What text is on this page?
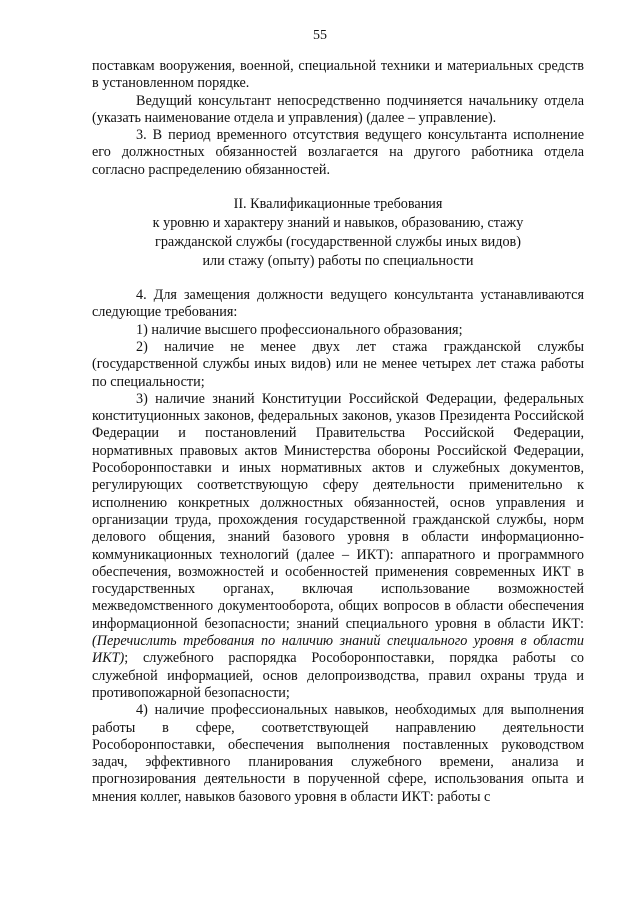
55

поставкам вооружения, военной, специальной техники и материальных средств в установленном порядке.

Ведущий консультант непосредственно подчиняется начальнику отдела (указать наименование отдела и управления) (далее – управление).

3. В период временного отсутствия ведущего консультанта исполнение его должностных обязанностей возлагается на другого работника отдела согласно распределению обязанностей.

II. Квалификационные требования

к уровню и характеру знаний и навыков, образованию, стажу

гражданской службы (государственной службы иных видов)

или стажу (опыту) работы по специальности

4. Для замещения должности ведущего консультанта устанавливаются следующие требования:

1) наличие высшего профессионального образования;

2) наличие не менее двух лет стажа гражданской службы (государственной службы иных видов) или не менее четырех лет стажа работы по специальности;

3) наличие знаний Конституции Российской Федерации, федеральных конституционных законов, федеральных законов, указов Президента Российской Федерации и постановлений Правительства Российской Федерации, нормативных правовых актов Министерства обороны Российской Федерации, Рособоронпоставки и иных нормативных актов и служебных документов, регулирующих соответствующую сферу деятельности применительно к исполнению конкретных должностных обязанностей, основ управления и организации труда, прохождения государственной гражданской службы, норм делового общения, знаний базового уровня в области информационно-коммуникационных технологий (далее – ИКТ): аппаратного и программного обеспечения, возможностей и особенностей применения современных ИКТ в государственных органах, включая использование возможностей межведомственного документооборота, общих вопросов в области обеспечения информационной безопасности; знаний специального уровня в области ИКТ: (Перечислить требования по наличию знаний специального уровня в области ИКТ); служебного распорядка Рособоронпоставки, порядка работы со служебной информацией, основ делопроизводства, правил охраны труда и противопожарной безопасности;

4) наличие профессиональных навыков, необходимых для выполнения работы в сфере, соответствующей направлению деятельности Рособоронпоставки, обеспечения выполнения поставленных руководством задач, эффективного планирования служебного времени, анализа и прогнозирования деятельности в порученной сфере, использования опыта и мнения коллег, навыков базового уровня в области ИКТ: работы с
